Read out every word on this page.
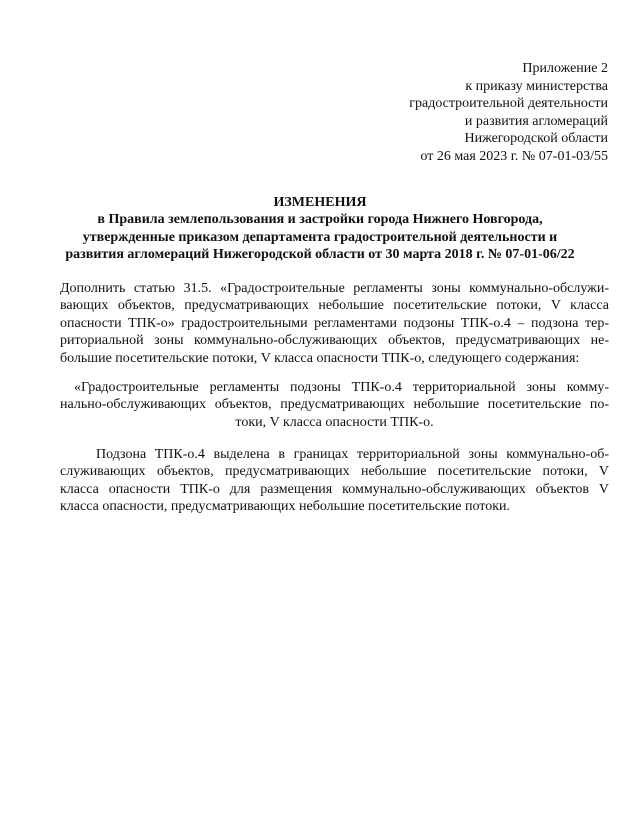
Приложение 2
к приказу министерства
градостроительной деятельности
и развития агломераций
Нижегородской области
от 26 мая 2023 г. № 07-01-03/55
ИЗМЕНЕНИЯ
в Правила землепользования и застройки города Нижнего Новгорода,
утвержденные приказом департамента градостроительной деятельности и
развития агломераций Нижегородской области от 30 марта 2018 г. № 07-01-06/22
Дополнить статью 31.5. «Градостроительные регламенты зоны коммунально-обслужи-
вающих объектов, предусматривающих небольшие посетительские потоки, V класса
опасности ТПК-о» градостроительными регламентами подзоны ТПК-о.4 – подзона тер-
риториальной зоны коммунально-обслуживающих объектов, предусматривающих не-
большие посетительские потоки, V класса опасности ТПК-о, следующего содержания:
«Градостроительные регламенты подзоны ТПК-о.4 территориальной зоны комму-
нально-обслуживающих объектов, предусматривающих небольшие посетительские по-
токи, V класса опасности ТПК-о.
Подзона ТПК-о.4 выделена в границах территориальной зоны коммунально-об-
служивающих объектов, предусматривающих небольшие посетительские потоки, V
класса опасности ТПК-о для размещения коммунально-обслуживающих объектов V
класса опасности, предусматривающих небольшие посетительские потоки.
